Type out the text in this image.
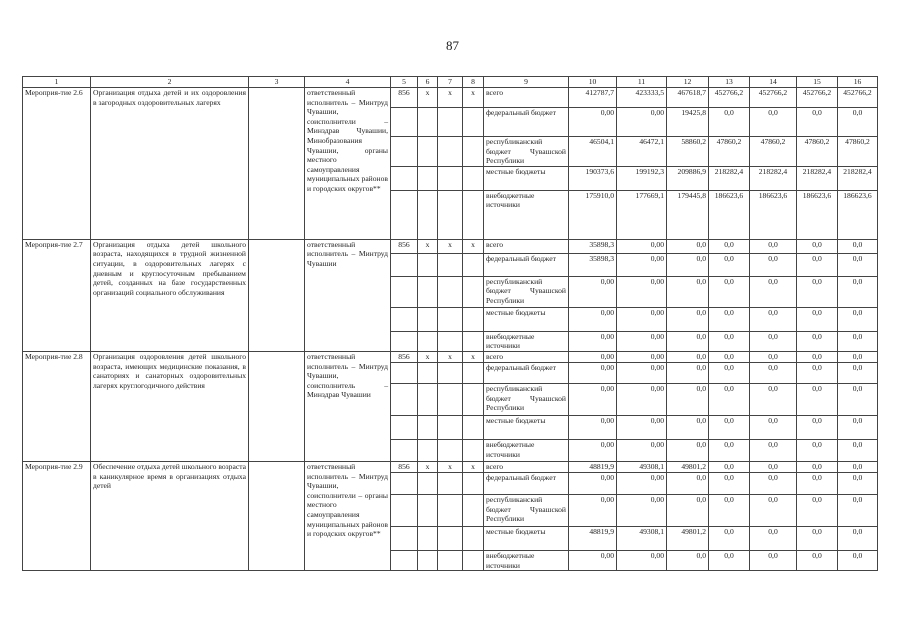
87
1	2	3	4	5	6	7	8	9	10	11	12	13	14	15	16
Мероприя-тие 2.6	Организация отдыха детей и их оздоровления в загородных оздоровительных лагерях		ответственный исполнитель – Минтруд Чувашии, соисполнители – Минздрав Чувашии, Минобразования Чувашии, органы местного самоуправления муниципальных районов и городских округов**	856	x	x	x	всего	412787,7	423333,5	467618,7	452766,2	452766,2	452766,2	452766,2
								федеральный бюджет	0,00	0,00	19425,8	0,0	0,0	0,0	0,0
								республиканский бюджет Чувашской Республики	46504,1	46472,1	58860,2	47860,2	47860,2	47860,2	47860,2
								местные бюджеты	190373,6	199192,3	209886,9	218282,4	218282,4	218282,4	218282,4
								внебюджетные источники	175910,0	177669,1	179445,8	186623,6	186623,6	186623,6	186623,6
Мероприя-тие 2.7	Организация отдыха детей школьного возраста, находящихся в трудной жизненной ситуации, в оздоровительных лагерях с дневным и круглосуточным пребыванием детей, созданных на базе государственных организаций социального обслуживания		ответственный исполнитель – Минтруд Чувашии	856	x	x	x	всего	35898,3	0,00	0,0	0,0	0,0	0,0	0,0
								федеральный бюджет	35898,3	0,00	0,0	0,0	0,0	0,0	0,0
								республиканский бюджет Чувашской Республики	0,00	0,00	0,0	0,0	0,0	0,0	0,0
								местные бюджеты	0,00	0,00	0,0	0,0	0,0	0,0	0,0
								внебюджетные источники	0,00	0,00	0,0	0,0	0,0	0,0	0,0
Мероприя-тие 2.8	Организация оздоровления детей школьного возраста, имеющих медицинские показания, в санаториях и санаторных оздоровительных лагерях круглогодичного действия		ответственный исполнитель – Минтруд Чувашии, соисполнитель – Минздрав Чувашии	856	x	x	x	всего	0,00	0,00	0,0	0,0	0,0	0,0	0,0
								федеральный бюджет	0,00	0,00	0,0	0,0	0,0	0,0	0,0
								республиканский бюджет Чувашской Республики	0,00	0,00	0,0	0,0	0,0	0,0	0,0
								местные бюджеты	0,00	0,00	0,0	0,0	0,0	0,0	0,0
								внебюджетные источники	0,00	0,00	0,0	0,0	0,0	0,0	0,0
Мероприя-тие 2.9	Обеспечение отдыха детей школьного возраста в каникулярное время в организациях отдыха детей		ответственный исполнитель – Минтруд Чувашии, соисполнители – органы местного самоуправления муниципальных районов и городских округов**	856	x	x	x	всего	48819,9	49308,1	49801,2	0,0	0,0	0,0	0,0
								федеральный бюджет	0,00	0,00	0,0	0,0	0,0	0,0	0,0
								республиканский бюджет Чувашской Республики	0,00	0,00	0,0	0,0	0,0	0,0	0,0
								местные бюджеты	48819,9	49308,1	49801,2	0,0	0,0	0,0	0,0
								внебюджетные источники	0,00	0,00	0,0	0,0	0,0	0,0	0,0
